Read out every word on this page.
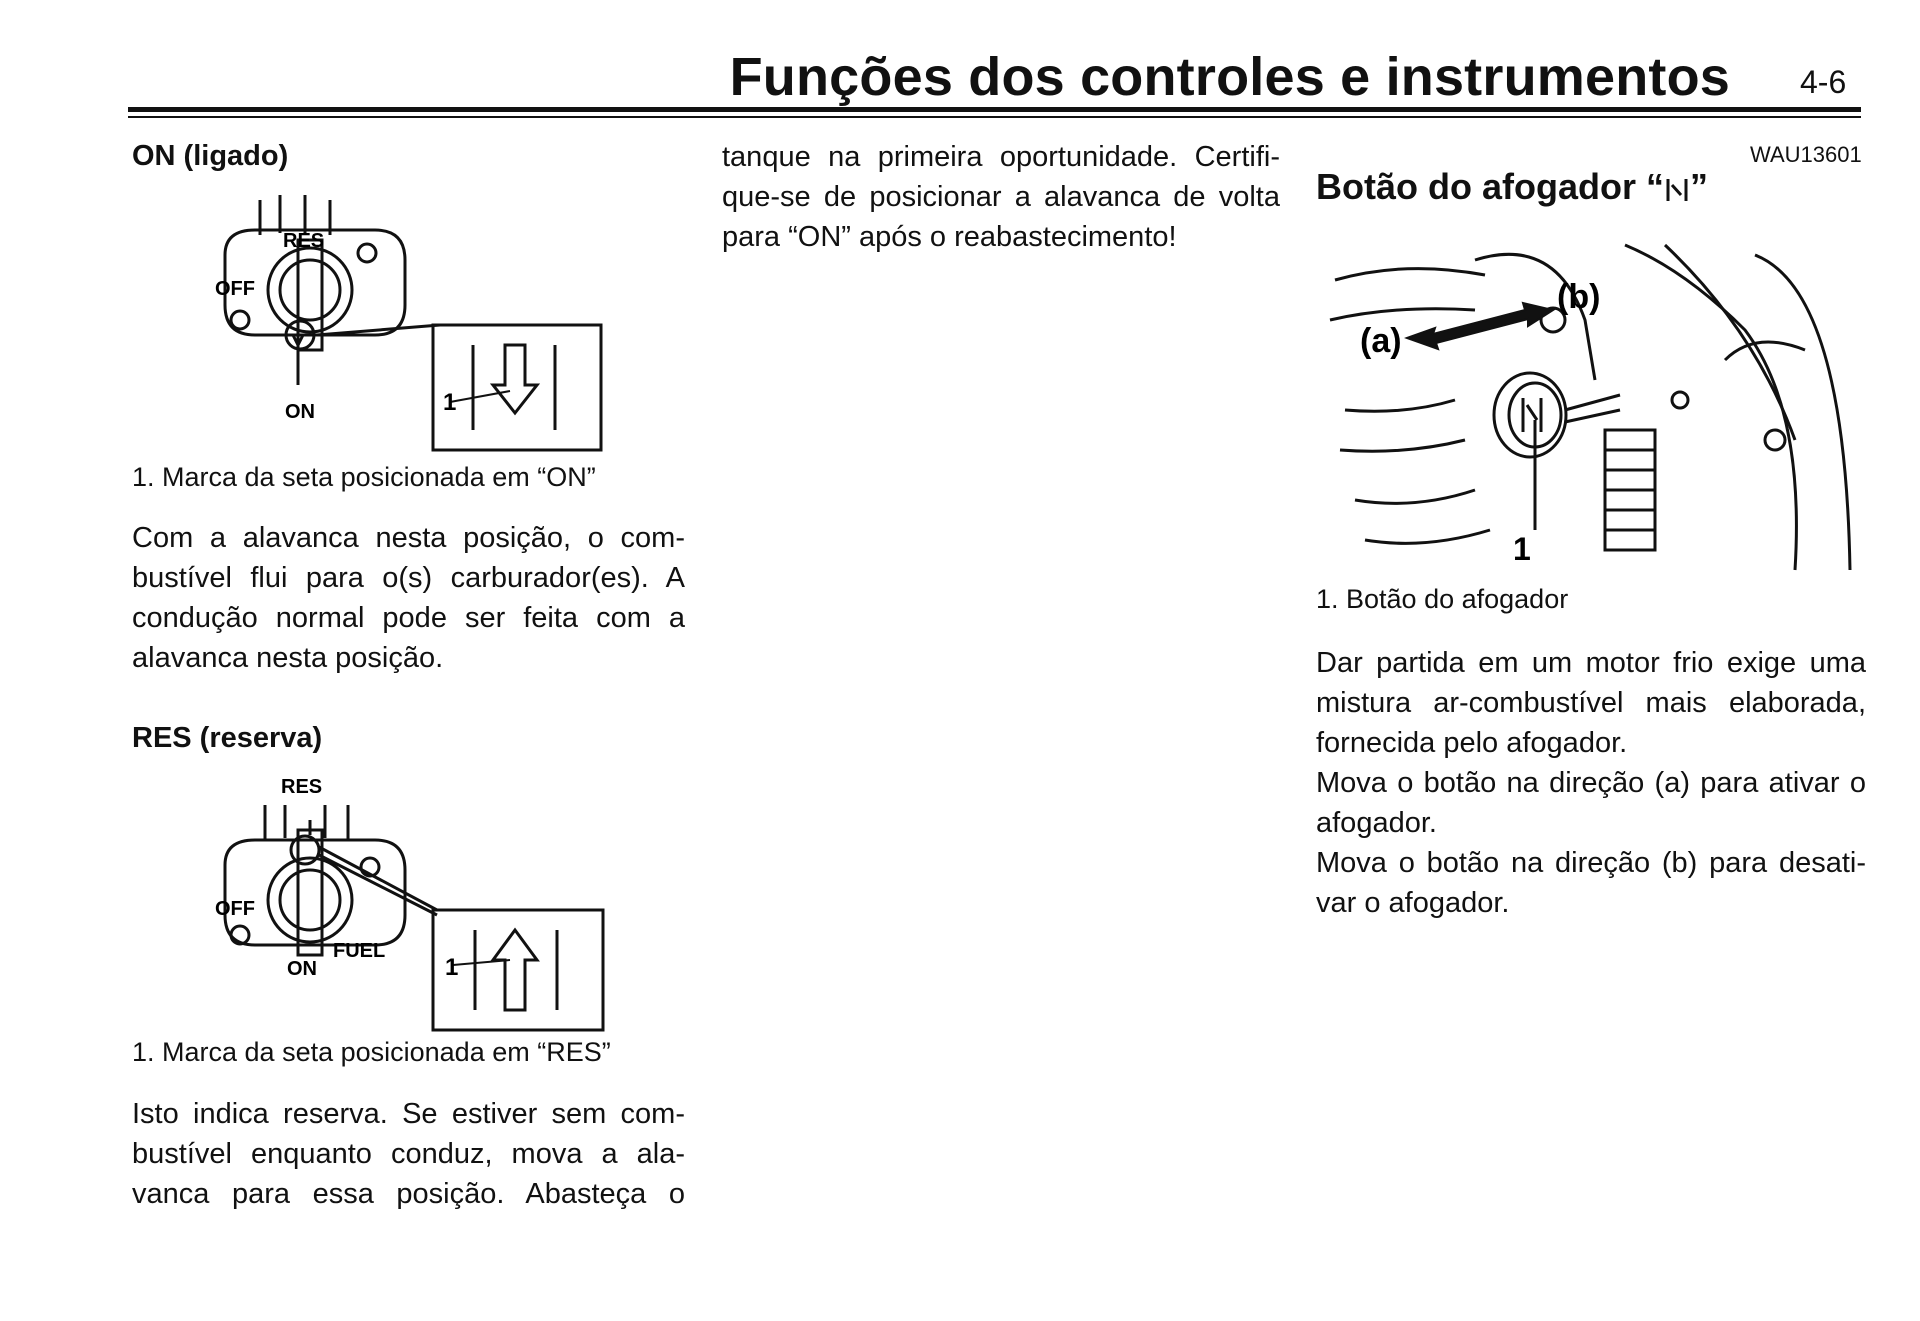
Funções dos controles e instrumentos 4-6
ON (ligado)
RES
OFF
ON	1
1. Marca da seta posicionada em “ON”
Com a alavanca nesta posição, o com-
bustível flui para o(s) carburador(es). A
condução normal pode ser feita com a
alavanca nesta posição.
RES (reserva)
RES
OFF
ON
FUEL
1
1. Marca da seta posicionada em “RES”
Isto indica reserva. Se estiver sem com-
bustível enquanto conduz, mova a ala-
vanca para essa posição. Abasteça o
tanque na primeira oportunidade. Certifi-
que-se de posicionar a alavanca de volta
para “ON” após o reabastecimento!
WAU13601
Botão do afogador “ ”
(a)
(b)
1
1. Botão do afogador
Dar partida em um motor frio exige uma
mistura ar-combustível mais elaborada,
fornecida pelo afogador.
Mova o botão na direção (a) para ativar o
afogador.
Mova o botão na direção (b) para desati-
var o afogador.
